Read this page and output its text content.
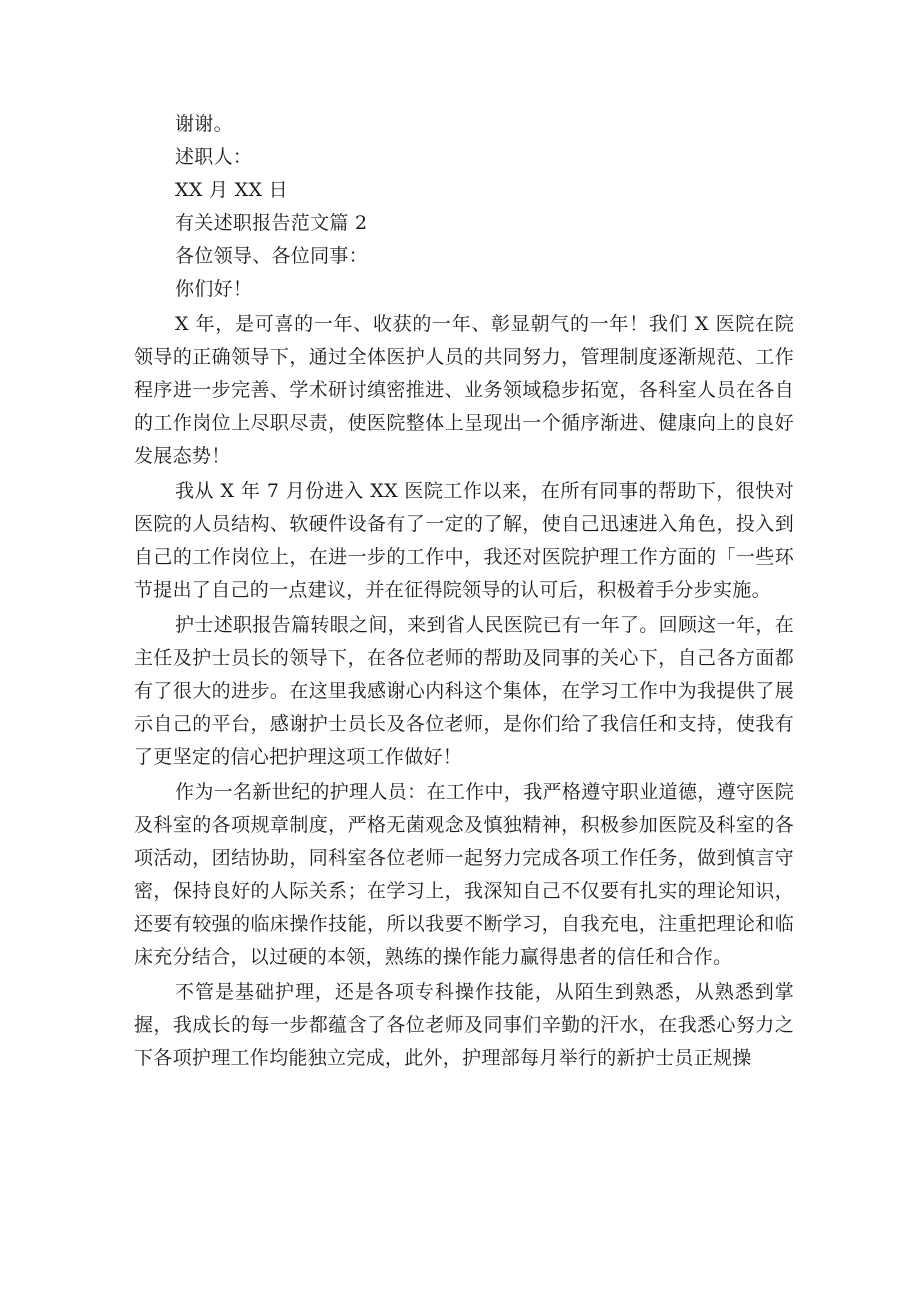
谢谢。

述职人：

XX 月 XX 日

有关述职报告范文篇 2

各位领导、各位同事：

你们好！

X 年，是可喜的一年、收获的一年、彰显朝气的一年！我们 X 医院在院领导的正确领导下，通过全体医护人员的共同努力，管理制度逐渐规范、工作程序进一步完善、学术研讨缜密推进、业务领域稳步拓宽，各科室人员在各自的工作岗位上尽职尽责，使医院整体上呈现出一个循序渐进、健康向上的良好发展态势！

我从 X 年 7 月份进入 XX 医院工作以来，在所有同事的帮助下，很快对医院的人员结构、软硬件设备有了一定的了解，使自己迅速进入角色，投入到自己的工作岗位上，在进一步的工作中，我还对医院护理工作方面的「一些环节提出了自己的一点建议，并在征得院领导的认可后，积极着手分步实施。

护士述职报告篇转眼之间，来到省人民医院已有一年了。回顾这一年，在主任及护士员长的领导下，在各位老师的帮助及同事的关心下，自己各方面都有了很大的进步。在这里我感谢心内科这个集体，在学习工作中为我提供了展示自己的平台，感谢护士员长及各位老师，是你们给了我信任和支持，使我有了更坚定的信心把护理这项工作做好！

作为一名新世纪的护理人员：在工作中，我严格遵守职业道德，遵守医院及科室的各项规章制度，严格无菌观念及慎独精神，积极参加医院及科室的各项活动，团结协助，同科室各位老师一起努力完成各项工作任务，做到慎言守密，保持良好的人际关系；在学习上，我深知自己不仅要有扎实的理论知识，还要有较强的临床操作技能，所以我要不断学习，自我充电，注重把理论和临床充分结合，以过硬的本领，熟练的操作能力赢得患者的信任和合作。

不管是基础护理，还是各项专科操作技能，从陌生到熟悉，从熟悉到掌握，我成长的每一步都蕴含了各位老师及同事们辛勤的汗水，在我悉心努力之下各项护理工作均能独立完成，此外，护理部每月举行的新护士员正规操
